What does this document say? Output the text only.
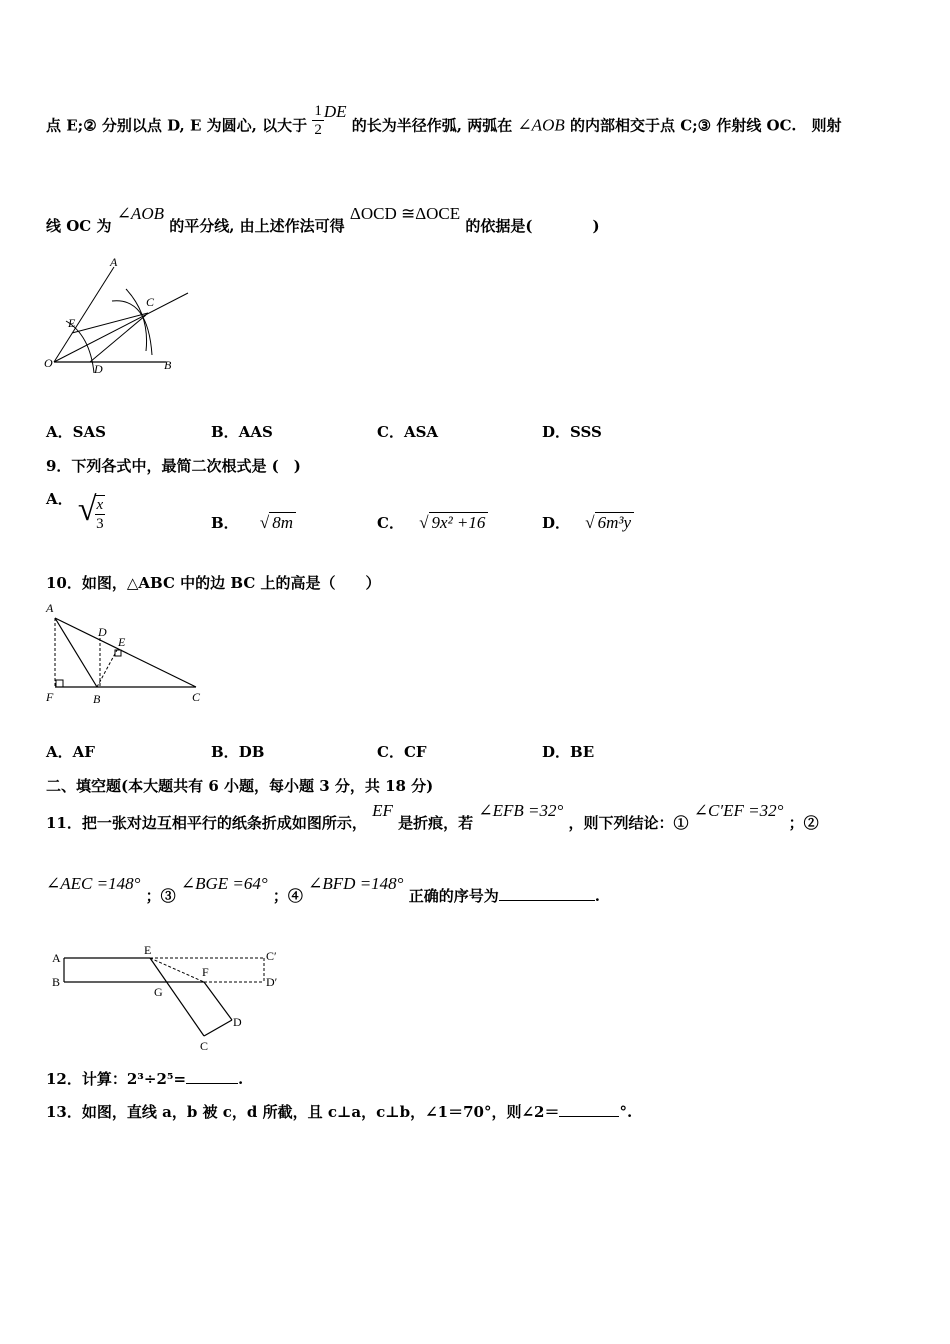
点 E;② 分别以点 D, E 为圆心, 以大于 $\frac{1}{2}$ DE 的长为半径作弧, 两弧在 ∠AOB 的内部相交于点 C;③ 作射线 OC.　则射
线 OC 为 ∠AOB 的平分线, 由上述作法可得 ΔOCD ≅ΔOCE 的依据是(　　　　)
A
C
E
O	D	B
A．SAS	B．AAS	C．ASA	D．SSS
9．下列各式中，最简二次根式是 (　)
A． √
$\frac{x}{3}$	B． √ 8m	C． √ 9x² +16	D． √ 6m³y
10．如图，△ABC 中的边 BC 上的高是（　　）
A
D
E
F	B	C
A．AF	B．DB	C．CF	D．BE
二、填空题(本大题共有 6 小题，每小题 3 分，共 18 分)
11．把一张对边互相平行的纸条折成如图所示， EF 是折痕，若 ∠EFB =32° ，则下列结论：① ∠C′EF =32° ；②
∠AEC =148° ；③ ∠BGE =64° ；④ ∠BFD =148° 正确的序号为	.
A
B
E	C′
F
D′
G
D
C
12．计算：2³÷2⁵=	.
13．如图，直线 a，b 被 c，d 所截，且 c⊥a，c⊥b，∠1＝70°，则∠2＝	°.
